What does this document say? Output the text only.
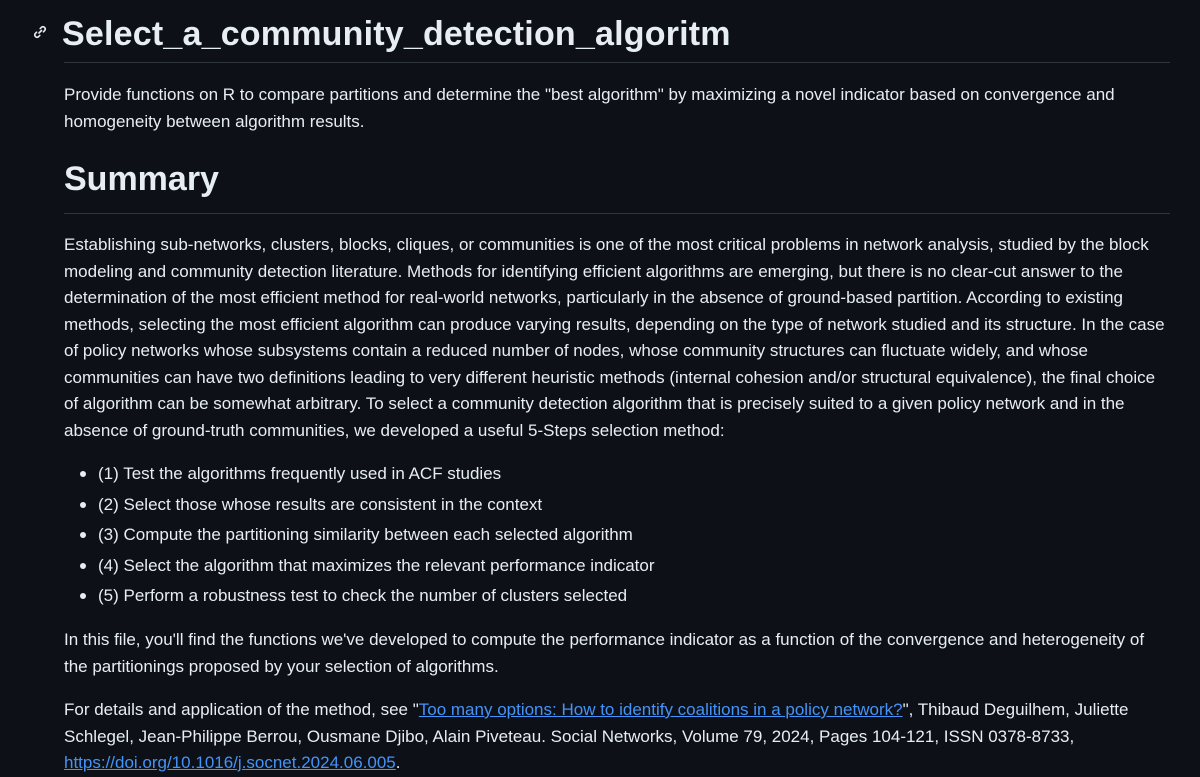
Select_a_community_detection_algoritm

Provide functions on R to compare partitions and determine the "best algorithm" by maximizing a novel indicator based on convergence and homogeneity between algorithm results.

Summary

Establishing sub-networks, clusters, blocks, cliques, or communities is one of the most critical problems in network analysis, studied by the block modeling and community detection literature. Methods for identifying efficient algorithms are emerging, but there is no clear-cut answer to the determination of the most efficient method for real-world networks, particularly in the absence of ground-based partition. According to existing methods, selecting the most efficient algorithm can produce varying results, depending on the type of network studied and its structure. In the case of policy networks whose subsystems contain a reduced number of nodes, whose community structures can fluctuate widely, and whose communities can have two definitions leading to very different heuristic methods (internal cohesion and/or structural equivalence), the final choice of algorithm can be somewhat arbitrary. To select a community detection algorithm that is precisely suited to a given policy network and in the absence of ground-truth communities, we developed a useful 5-Steps selection method:

(1) Test the algorithms frequently used in ACF studies
(2) Select those whose results are consistent in the context
(3) Compute the partitioning similarity between each selected algorithm
(4) Select the algorithm that maximizes the relevant performance indicator
(5) Perform a robustness test to check the number of clusters selected

In this file, you'll find the functions we've developed to compute the performance indicator as a function of the convergence and heterogeneity of the partitionings proposed by your selection of algorithms.

For details and application of the method, see "Too many options: How to identify coalitions in a policy network?", Thibaud Deguilhem, Juliette Schlegel, Jean-Philippe Berrou, Ousmane Djibo, Alain Piveteau. Social Networks, Volume 79, 2024, Pages 104-121, ISSN 0378-8733, https://doi.org/10.1016/j.socnet.2024.06.005.
